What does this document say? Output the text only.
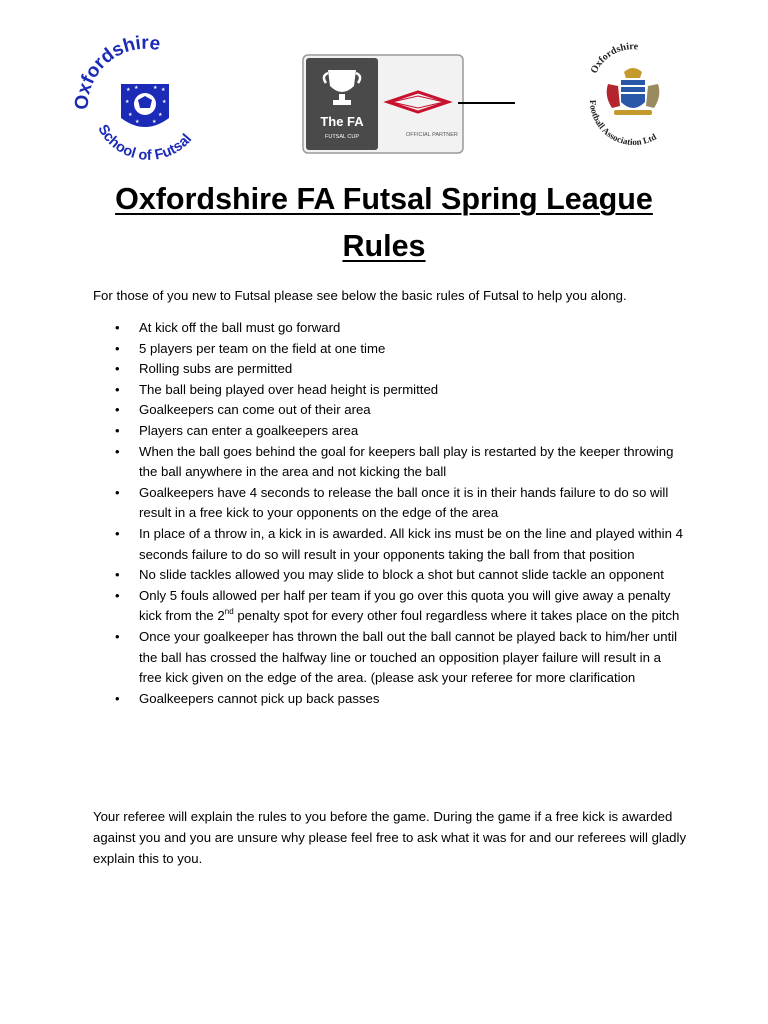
Oxfordshire
School of Futsal
★ ★	★ ★
★	★
★	★
★	★	The FA
FUTSAL CUP	OFFICIAL PARTNER
Oxfordshire
Football Association Ltd
Oxfordshire FA Futsal Spring League
Rules

For those of you new to Futsal please see below the basic rules of Futsal to help you along.

• At kick off the ball must go forward
• 5 players per team on the field at one time
• Rolling subs are permitted
• The ball being played over head height is permitted
• Goalkeepers can come out of their area
• Players can enter a goalkeepers area
• When the ball goes behind the goal for keepers ball play is restarted by the keeper throwing the ball anywhere in the area and not kicking the ball
• Goalkeepers have 4 seconds to release the ball once it is in their hands failure to do so will result in a free kick to your opponents on the edge of the area
• In place of a throw in, a kick in is awarded. All kick ins must be on the line and played within 4 seconds failure to do so will result in your opponents taking the ball from that position
• No slide tackles allowed you may slide to block a shot but cannot slide tackle an opponent
• Only 5 fouls allowed per half per team if you go over this quota you will give away a penalty kick from the 2nd penalty spot for every other foul regardless where it takes place on the pitch
• Once your goalkeeper has thrown the ball out the ball cannot be played back to him/her until the ball has crossed the halfway line or touched an opposition player failure will result in a free kick given on the edge of the area. (please ask your referee for more clarification
• Goalkeepers cannot pick up back passes

Your referee will explain the rules to you before the game. During the game if a free kick is awarded against you and you are unsure why please feel free to ask what it was for and our referees will gladly explain this to you.
